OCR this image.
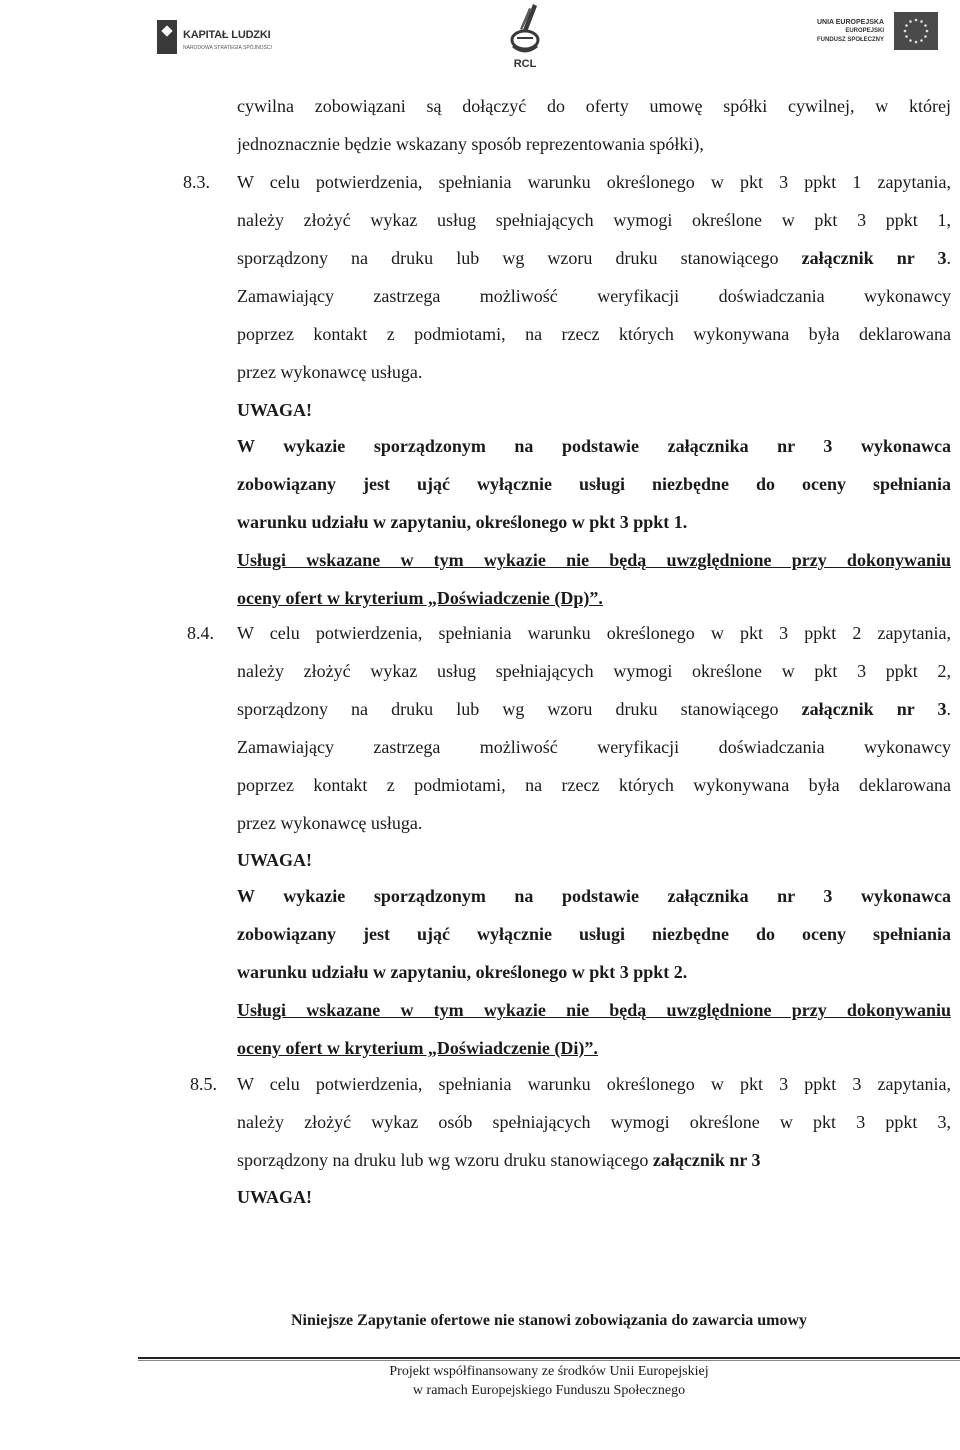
KAPITAŁ LUDZKI
NARODOWA STRATEGIA SPÓJNOŚCI
RCL
UNIA EUROPEJSKA
EUROPEJSKI
FUNDUSZ SPOŁECZNY
cywilna zobowiązani są dołączyć do oferty umowę spółki cywilnej, w której
jednoznacznie będzie wskazany sposób reprezentowania spółki),
8.3. W celu potwierdzenia, spełniania warunku określonego w pkt 3 ppkt 1 zapytania,
należy złożyć wykaz usług spełniających wymogi określone w pkt 3 ppkt 1,
sporządzony na druku lub wg wzoru druku stanowiącego załącznik nr 3.
Zamawiający zastrzega możliwość weryfikacji doświadczania wykonawcy
poprzez kontakt z podmiotami, na rzecz których wykonywana była deklarowana
przez wykonawcę usługa.
UWAGA!
W wykazie sporządzonym na podstawie załącznika nr 3 wykonawca
zobowiązany jest ująć wyłącznie usługi niezbędne do oceny spełniania
warunku udziału w zapytaniu, określonego w pkt 3 ppkt 1.
Usługi wskazane w tym wykazie nie będą uwzględnione przy dokonywaniu
oceny ofert w kryterium „Doświadczenie (Dp)”.
8.4. W celu potwierdzenia, spełniania warunku określonego w pkt 3 ppkt 2 zapytania,
należy złożyć wykaz usług spełniających wymogi określone w pkt 3 ppkt 2,
sporządzony na druku lub wg wzoru druku stanowiącego załącznik nr 3.
Zamawiający zastrzega możliwość weryfikacji doświadczania wykonawcy
poprzez kontakt z podmiotami, na rzecz których wykonywana była deklarowana
przez wykonawcę usługa.
UWAGA!
W wykazie sporządzonym na podstawie załącznika nr 3 wykonawca
zobowiązany jest ująć wyłącznie usługi niezbędne do oceny spełniania
warunku udziału w zapytaniu, określonego w pkt 3 ppkt 2.
Usługi wskazane w tym wykazie nie będą uwzględnione przy dokonywaniu
oceny ofert w kryterium „Doświadczenie (Di)”.
8.5. W celu potwierdzenia, spełniania warunku określonego w pkt 3 ppkt 3 zapytania,
należy złożyć wykaz osób spełniających wymogi określone w pkt 3 ppkt 3,
sporządzony na druku lub wg wzoru druku stanowiącego załącznik nr 3
UWAGA!
Niniejsze Zapytanie ofertowe nie stanowi zobowiązania do zawarcia umowy
Projekt współfinansowany ze środków Unii Europejskiej
w ramach Europejskiego Funduszu Społecznego
